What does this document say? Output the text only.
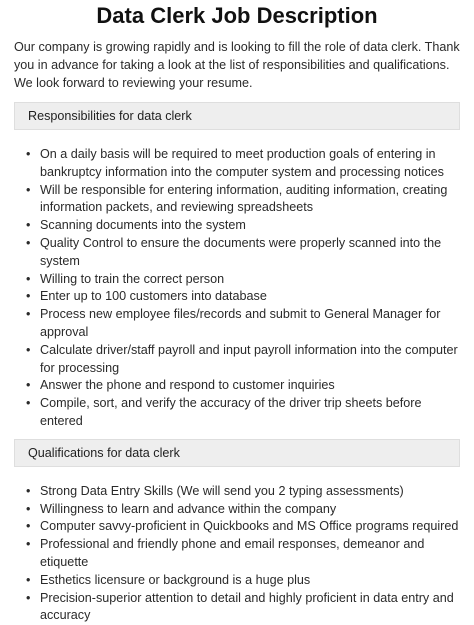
Data Clerk Job Description

Our company is growing rapidly and is looking to fill the role of data clerk. Thank you in advance for taking a look at the list of responsibilities and qualifications. We look forward to reviewing your resume.

Responsibilities for data clerk
• On a daily basis will be required to meet production goals of entering in bankruptcy information into the computer system and processing notices
• Will be responsible for entering information, auditing information, creating information packets, and reviewing spreadsheets
• Scanning documents into the system
• Quality Control to ensure the documents were properly scanned into the system
• Willing to train the correct person
• Enter up to 100 customers into database
• Process new employee files/records and submit to General Manager for approval
• Calculate driver/staff payroll and input payroll information into the computer for processing
• Answer the phone and respond to customer inquiries
• Compile, sort, and verify the accuracy of the driver trip sheets before entered
Qualifications for data clerk
• Strong Data Entry Skills (We will send you 2 typing assessments)
• Willingness to learn and advance within the company
• Computer savvy-proficient in Quickbooks and MS Office programs required
• Professional and friendly phone and email responses, demeanor and etiquette
• Esthetics licensure or background is a huge plus
• Precision-superior attention to detail and highly proficient in data entry and accuracy
